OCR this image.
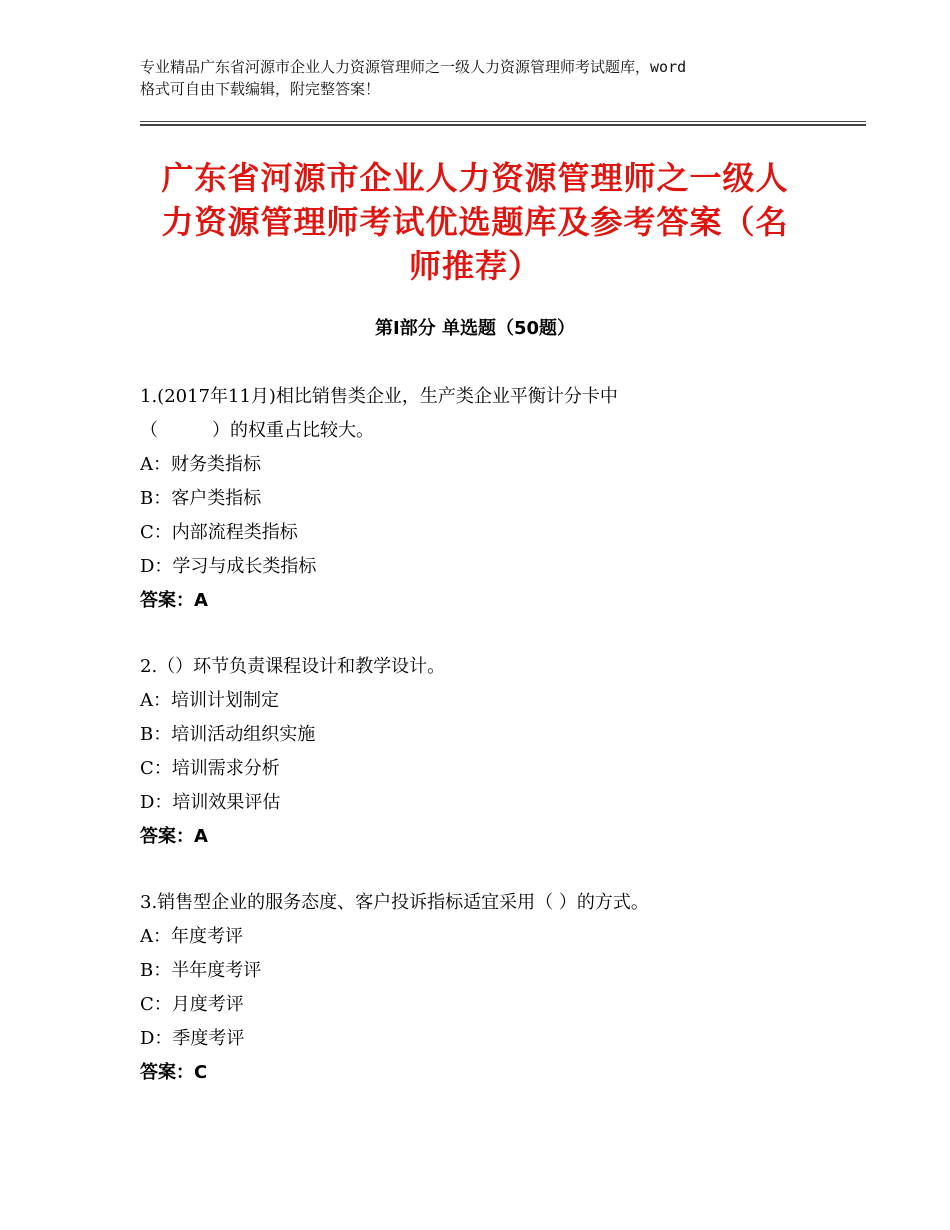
专业精品广东省河源市企业人力资源管理师之一级人力资源管理师考试题库，word
格式可自由下载编辑，附完整答案！
广东省河源市企业人力资源管理师之一级人
力资源管理师考试优选题库及参考答案（名
师推荐）
第Ⅰ部分 单选题（50题）

1.(2017年11月)相比销售类企业，生产类企业平衡计分卡中

（　　　）的权重占比较大。

A：财务类指标

B：客户类指标

C：内部流程类指标

D：学习与成长类指标

答案：A

2.（）环节负责课程设计和教学设计。

A：培训计划制定

B：培训活动组织实施

C：培训需求分析

D：培训效果评估

答案：A

3.销售型企业的服务态度、客户投诉指标适宜采用（ ）的方式。

A：年度考评

B：半年度考评

C：月度考评

D：季度考评

答案：C
